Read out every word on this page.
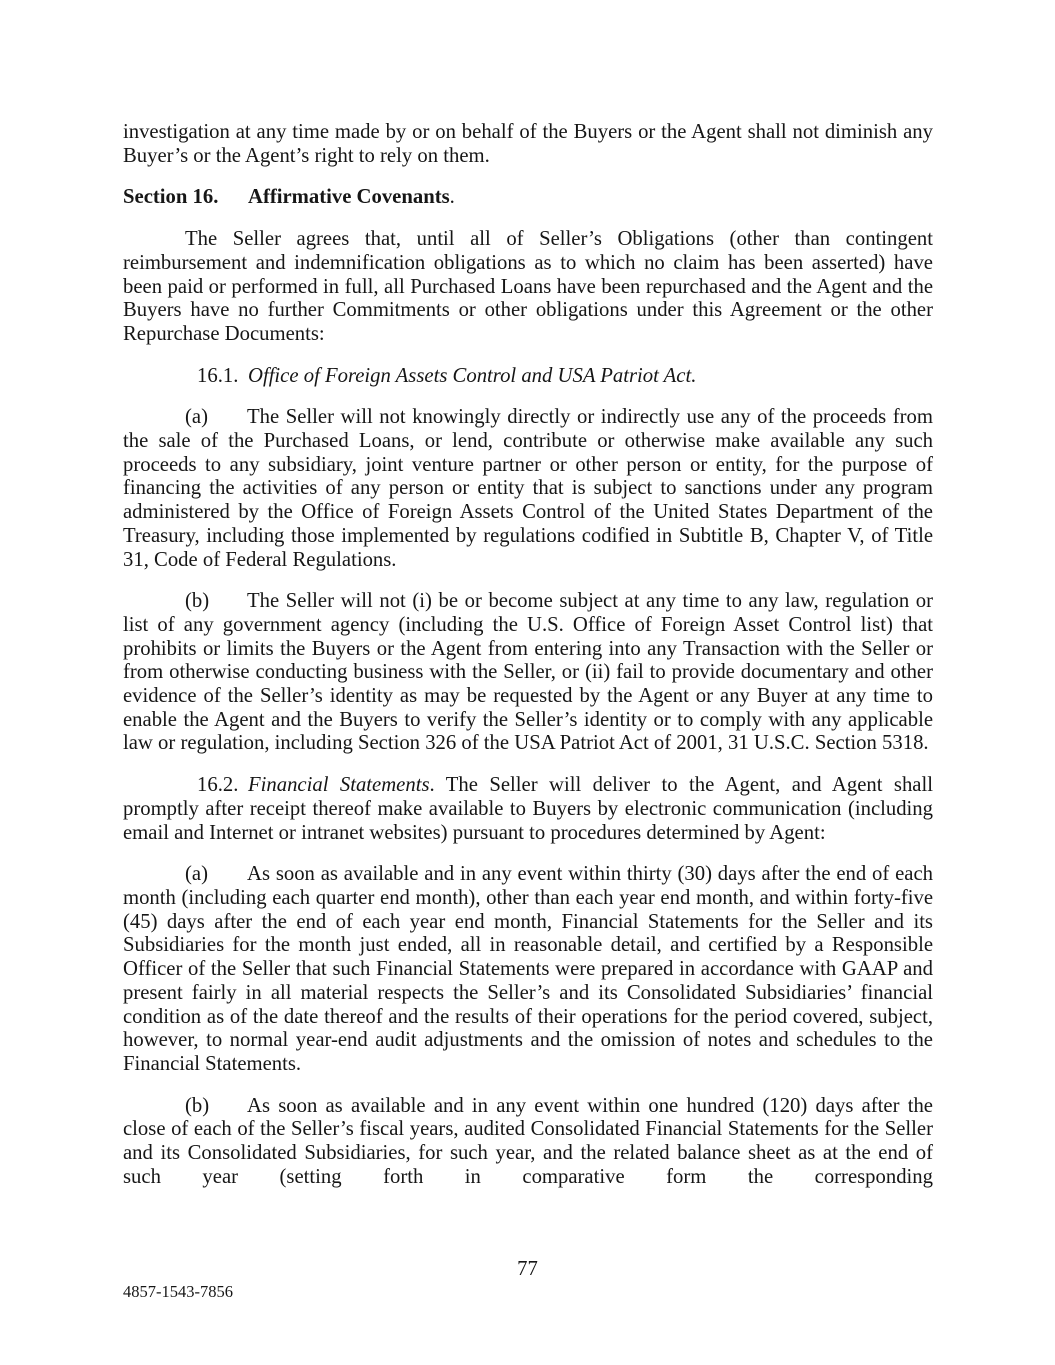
investigation at any time made by or on behalf of the Buyers or the Agent shall not diminish any Buyer’s or the Agent’s right to rely on them.

Section 16. Affirmative Covenants.

The Seller agrees that, until all of Seller’s Obligations (other than contingent reimbursement and indemnification obligations as to which no claim has been asserted) have been paid or performed in full, all Purchased Loans have been repurchased and the Agent and the Buyers have no further Commitments or other obligations under this Agreement or the other Repurchase Documents:

16.1. Office of Foreign Assets Control and USA Patriot Act.

(a) The Seller will not knowingly directly or indirectly use any of the proceeds from the sale of the Purchased Loans, or lend, contribute or otherwise make available any such proceeds to any subsidiary, joint venture partner or other person or entity, for the purpose of financing the activities of any person or entity that is subject to sanctions under any program administered by the Office of Foreign Assets Control of the United States Department of the Treasury, including those implemented by regulations codified in Subtitle B, Chapter V, of Title 31, Code of Federal Regulations.

(b) The Seller will not (i) be or become subject at any time to any law, regulation or list of any government agency (including the U.S. Office of Foreign Asset Control list) that prohibits or limits the Buyers or the Agent from entering into any Transaction with the Seller or from otherwise conducting business with the Seller, or (ii) fail to provide documentary and other evidence of the Seller’s identity as may be requested by the Agent or any Buyer at any time to enable the Agent and the Buyers to verify the Seller’s identity or to comply with any applicable law or regulation, including Section 326 of the USA Patriot Act of 2001, 31 U.S.C. Section 5318.

16.2. Financial Statements. The Seller will deliver to the Agent, and Agent shall promptly after receipt thereof make available to Buyers by electronic communication (including email and Internet or intranet websites) pursuant to procedures determined by Agent:

(a) As soon as available and in any event within thirty (30) days after the end of each month (including each quarter end month), other than each year end month, and within forty-five (45) days after the end of each year end month, Financial Statements for the Seller and its Subsidiaries for the month just ended, all in reasonable detail, and certified by a Responsible Officer of the Seller that such Financial Statements were prepared in accordance with GAAP and present fairly in all material respects the Seller’s and its Consolidated Subsidiaries’ financial condition as of the date thereof and the results of their operations for the period covered, subject, however, to normal year-end audit adjustments and the omission of notes and schedules to the Financial Statements.

(b) As soon as available and in any event within one hundred (120) days after the close of each of the Seller’s fiscal years, audited Consolidated Financial Statements for the Seller and its Consolidated Subsidiaries, for such year, and the related balance sheet as at the end of such year (setting forth in comparative form the corresponding

77
4857-1543-7856
